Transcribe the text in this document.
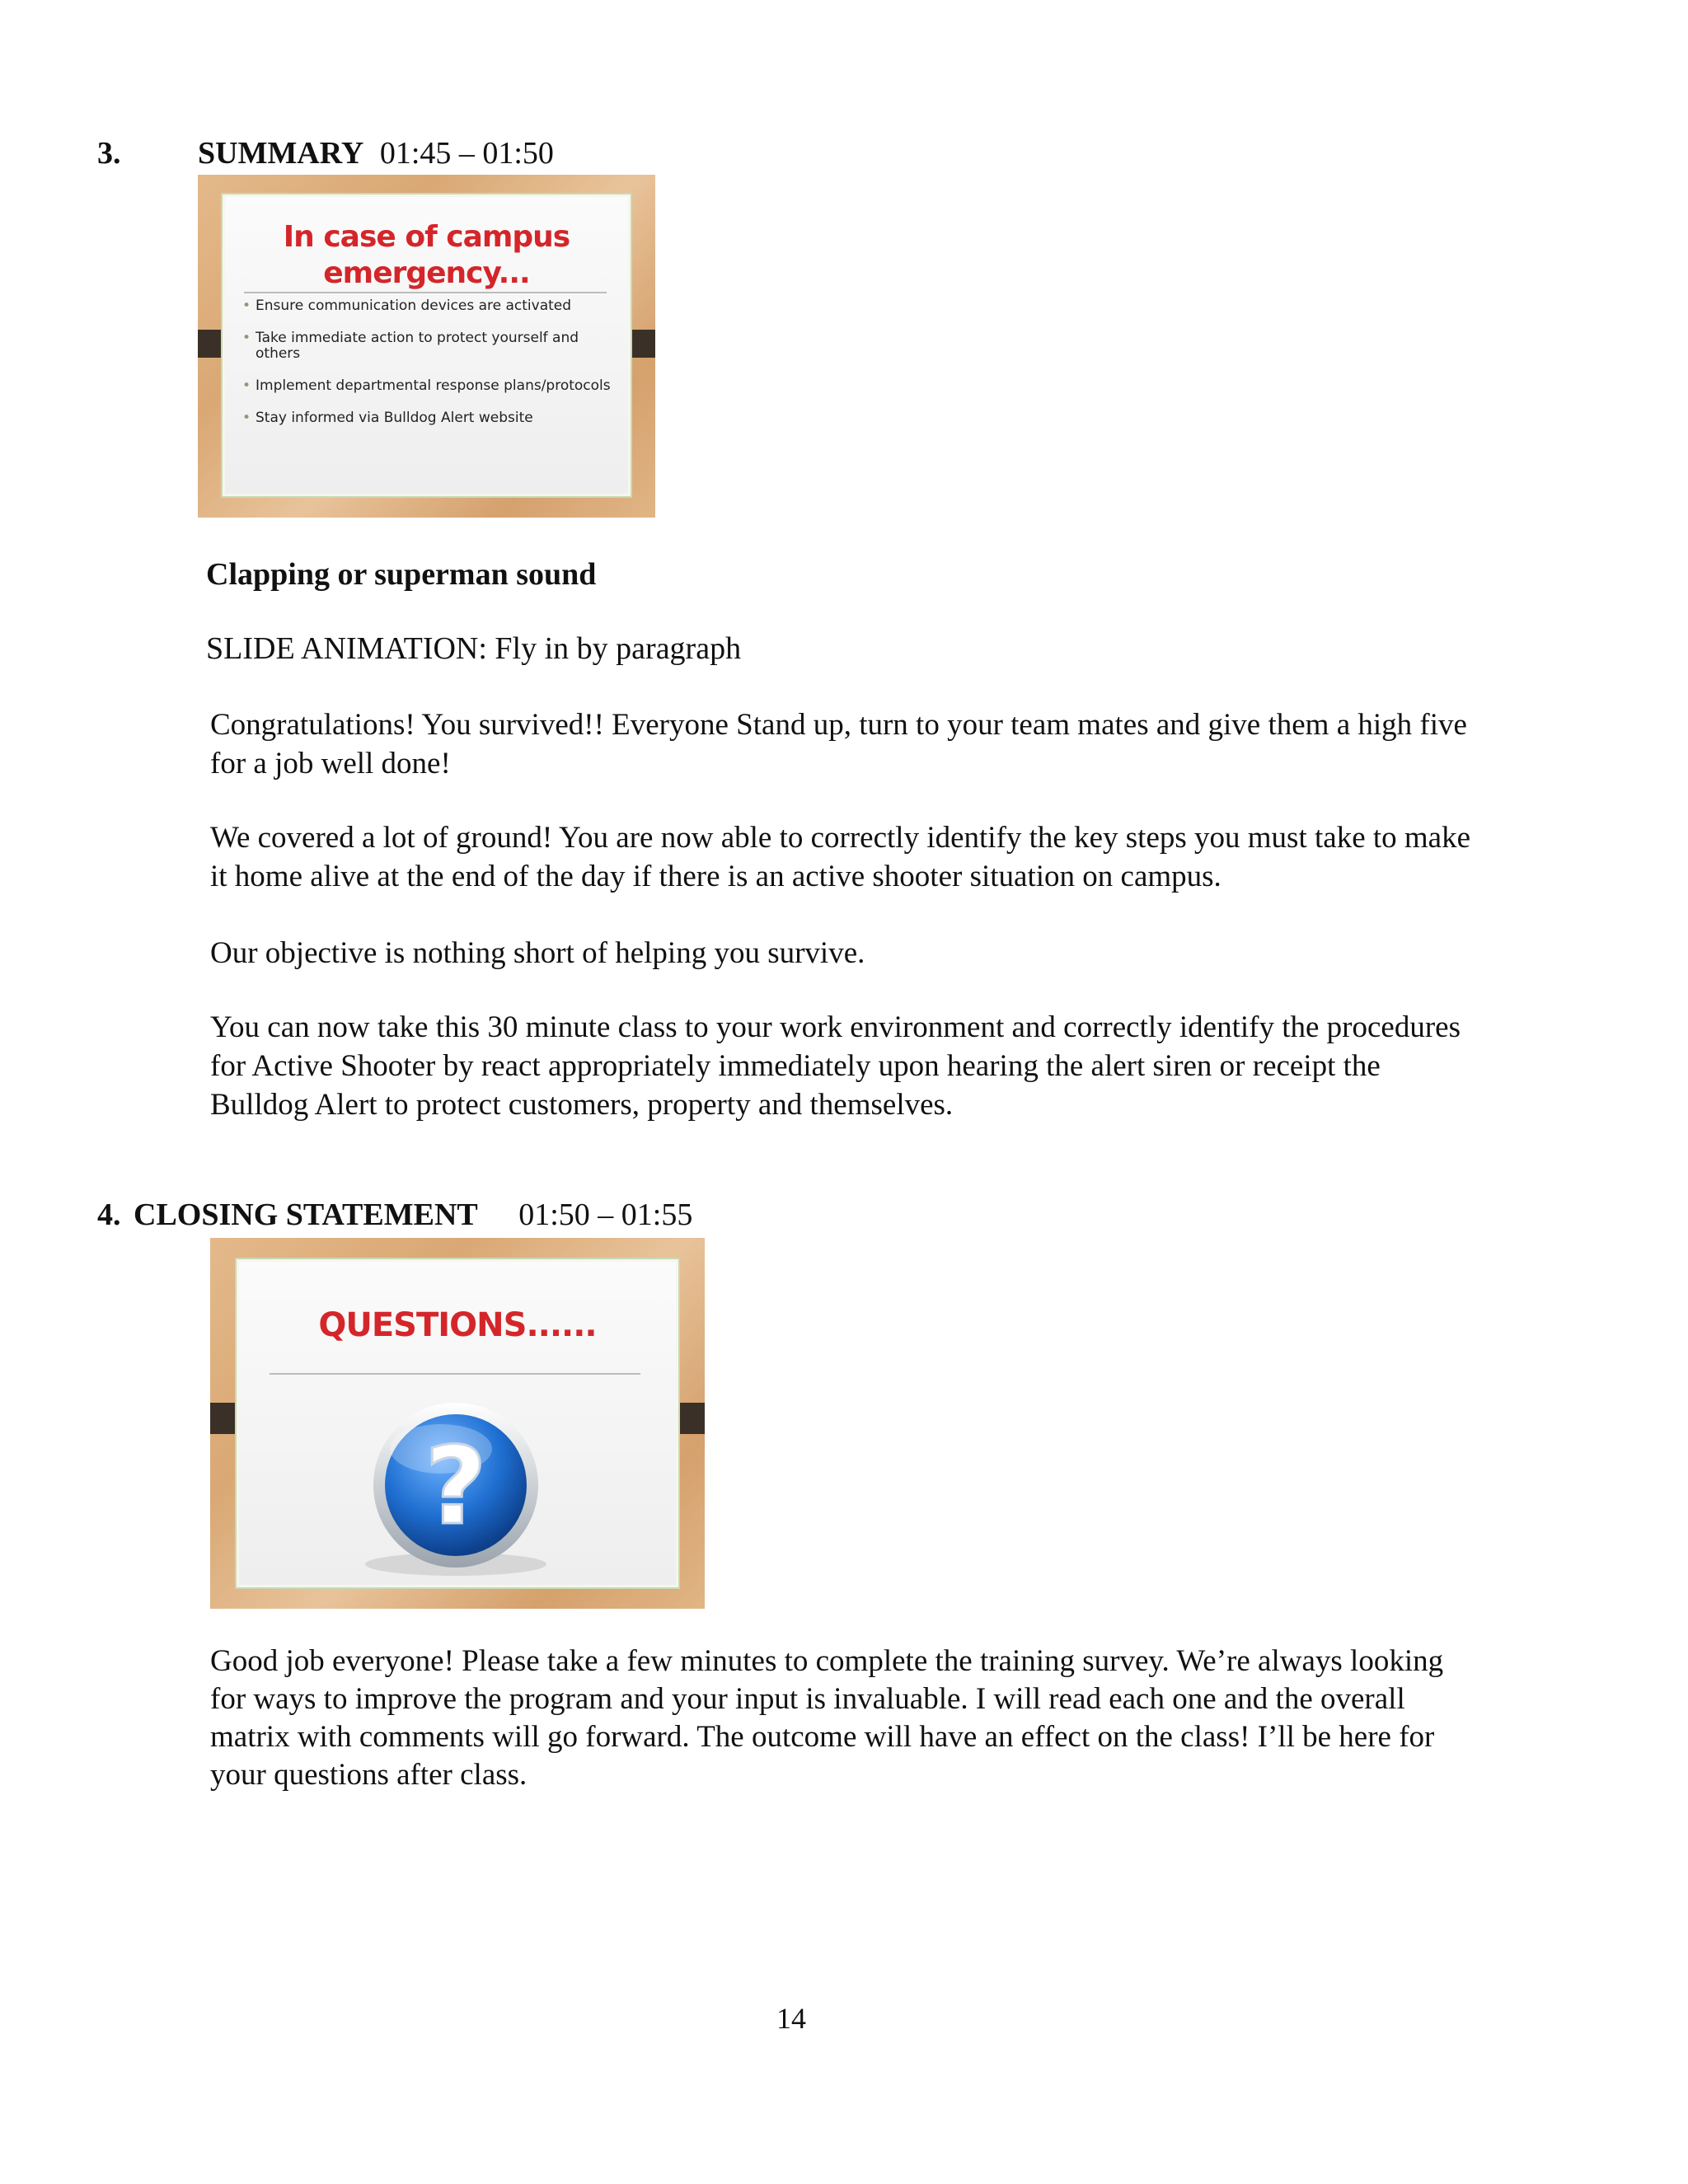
3. SUMMARY 01:45 – 01:50
In case of campus
emergency...
• Ensure communication devices are activated
• Take immediate action to protect yourself and others
• Implement departmental response plans/protocols
• Stay informed via Bulldog Alert website
Clapping or superman sound
SLIDE ANIMATION: Fly in by paragraph

Congratulations! You survived!! Everyone Stand up, turn to your team mates and give them a high five for a job well done!

We covered a lot of ground! You are now able to correctly identify the key steps you must take to make it home alive at the end of the day if there is an active shooter situation on campus.

Our objective is nothing short of helping you survive.

You can now take this 30 minute class to your work environment and correctly identify the procedures for Active Shooter by react appropriately immediately upon hearing the alert siren or receipt the Bulldog Alert to protect customers, property and themselves.

4. CLOSING STATEMENT 01:50 – 01:55
QUESTIONS......
?

Good job everyone! Please take a few minutes to complete the training survey. We’re always looking for ways to improve the program and your input is invaluable. I will read each one and the overall matrix with comments will go forward. The outcome will have an effect on the class! I’ll be here for your questions after class.

14
